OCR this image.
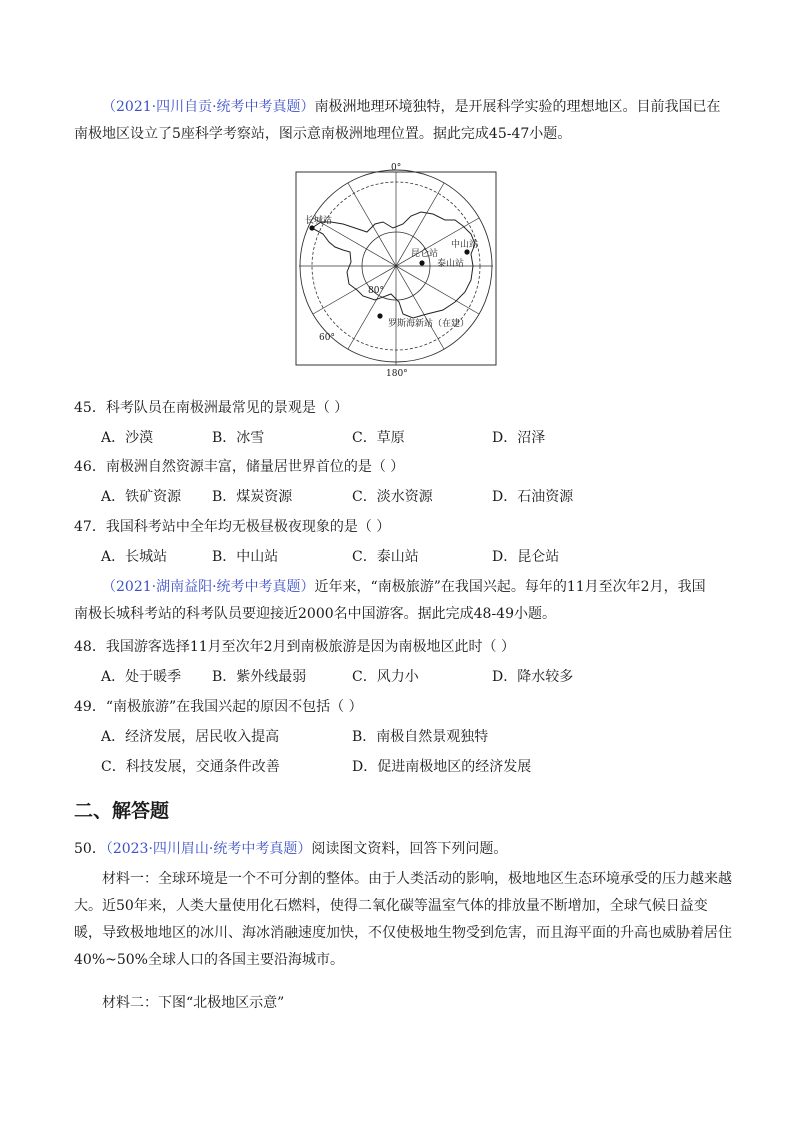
（2021·四川自贡·统考中考真题）南极洲地理环境独特，是开展科学实验的理想地区。目前我国已在
南极地区设立了5座科学考察站，图示意南极洲地理位置。据此完成45-47小题。

0°
180°
80°
60°
长城站
昆仑站
中山站
泰山站
罗斯海新站（在建）
45．科考队员在南极洲最常见的景观是（ ）
A．沙漠	B．冰雪	C．草原	D．沼泽
46．南极洲自然资源丰富，储量居世界首位的是（ ）
A．铁矿资源 B．煤炭资源	C．淡水资源	D．石油资源
47．我国科考站中全年均无极昼极夜现象的是（ ）
A．长城站	B．中山站	C．泰山站	D．昆仑站

（2021·湖南益阳·统考中考真题）近年来，“南极旅游”在我国兴起。每年的11月至次年2月，我国
南极长城科考站的科考队员要迎接近2000名中国游客。据此完成48-49小题。

48．我国游客选择11月至次年2月到南极旅游是因为南极地区此时（ ）
A．处于暖季 B．紫外线最弱	C．风力小	D．降水较多
49．“南极旅游”在我国兴起的原因不包括（ ）
A．经济发展，居民收入提高	B．南极自然景观独特
C．科技发展，交通条件改善	D．促进南极地区的经济发展
二、解答题
50．（2023·四川眉山·统考中考真题）阅读图文资料，回答下列问题。

材料一：全球环境是一个不可分割的整体。由于人类活动的影响，极地地区生态环境承受的压力越来越大。近50年来，人类大量使用化石燃料，使得二氧化碳等温室气体的排放量不断增加，全球气候日益变暖，导致极地地区的冰川、海冰消融速度加快，不仅使极地生物受到危害，而且海平面的升高也威胁着居住40%~50%全球人口的各国主要沿海城市。

材料二：下图“北极地区示意”
